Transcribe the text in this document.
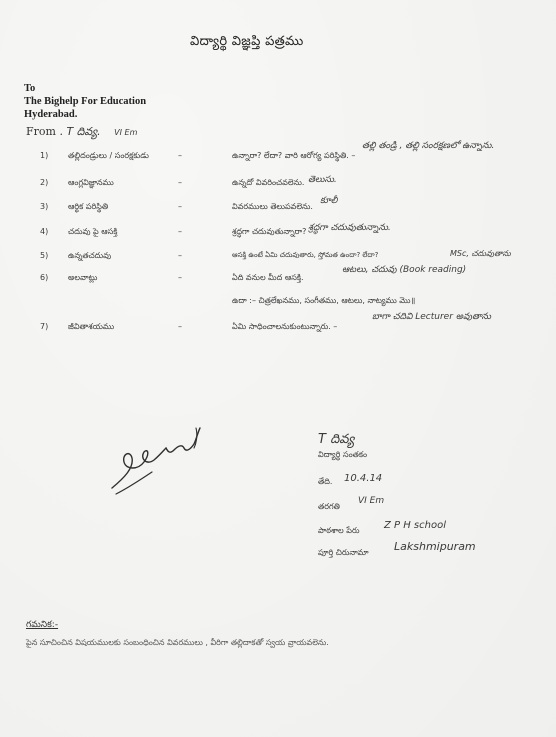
విద్యార్థి విజ్ఞప్తి పత్రము
To
The Bighelp For Education
Hyderabad.
From . T దివ్య. VI Em
1) తల్లిదండ్రులు / సంరక్షకుడు	–	ఉన్నారా? లేదా? వారి ఆరోగ్య పరిస్థితి. –
తల్లి తండ్రి , తల్లి సంరక్షణలో ఉన్నాను.
2) ఆంగ్లవిజ్ఞానము	–	ఉన్నదో వివరించవలెను. తెలుసు.
3) ఆర్థిక పరిస్థితి	–	వివరములు తెలుపవలెను.
కూలీ
4) చదువు పై ఆసక్తి	–	శ్రద్ధగా చదువుతున్నారా? శ్రద్ధగా చదువుతున్నాను.
5) ఉన్నతచదువు	–	ఆసక్తి ఉంటే ఏమి చదువుతారు, స్తోమత ఉందా? లేదా?	MSc, చదువుతాను
6) అలవాట్లు	–	ఏది వనుల మీద ఆసక్తి.
ఆటలు, చదువు (Book reading)
ఉదా :– చిత్రలేఖనము, సంగీతము, ఆటలు, నాట్యము మొ॥
7) జీవితాశయము	–	ఏమి సాధించాలనుకుంటున్నారు. –
బాగా చదివి Lecturer అవుతాను
T దివ్య
విద్యార్థి సంతకం
తేది. 10.4.14
తరగతి
VI Em
పాఠశాల పేరు Z P H school
పూర్తి చిరునామా Lakshmipuram
గమనిక:-
పైన సూచించిన విషయములకు సంబంధించిన వివరములు , వీరిగా తల్లిదాకతో స్వయ వ్రాయవలెను.
